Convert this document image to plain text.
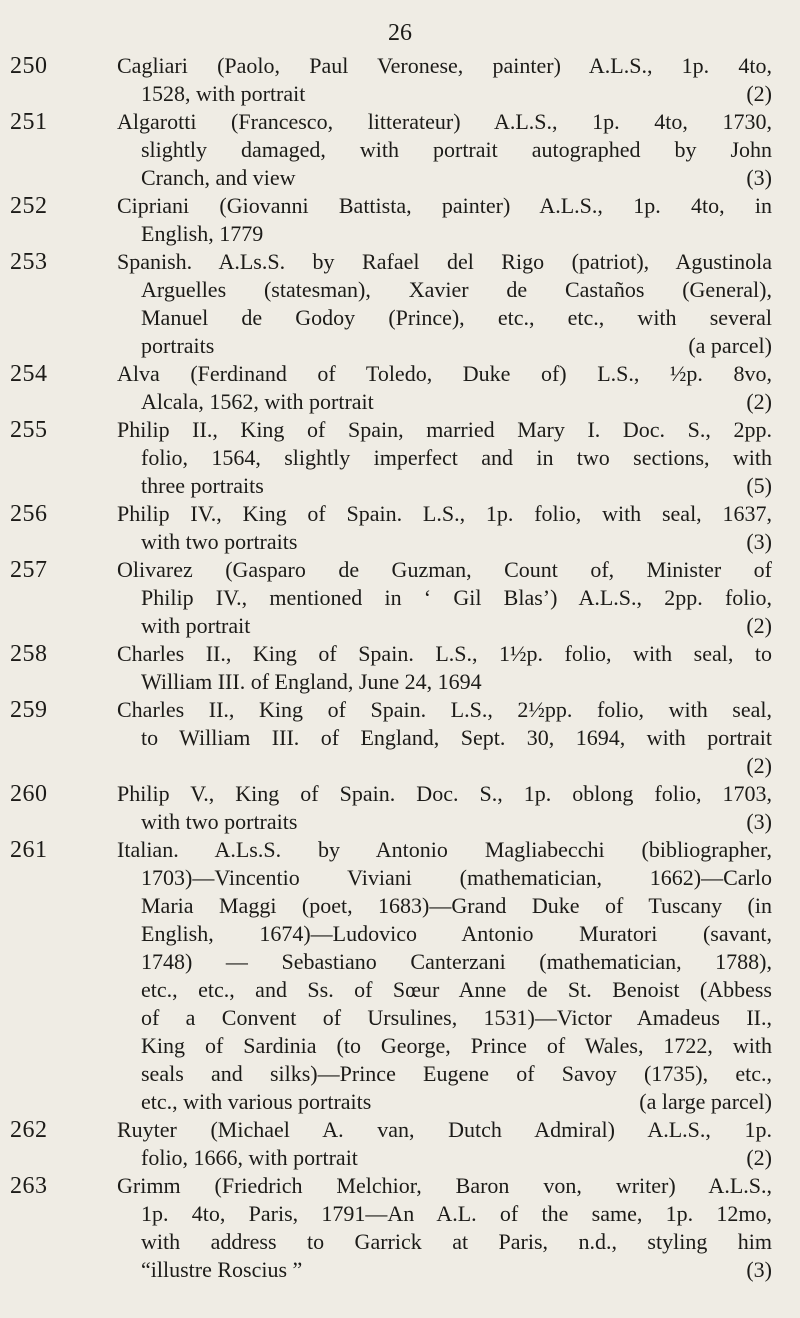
26
250	Cagliari (Paolo, Paul Veronese, painter) A.L.S., 1p. 4to,
1528, with portrait	(2)
251	Algarotti (Francesco, litterateur) A.L.S., 1p. 4to, 1730,
slightly damaged, with portrait autographed by John
Cranch, and view	(3)
252	Cipriani (Giovanni Battista, painter) A.L.S., 1p. 4to, in
English, 1779
253	Spanish. A.Ls.S. by Rafael del Rigo (patriot), Agustinola
Arguelles (statesman), Xavier de Castaños (General),
Manuel de Godoy (Prince), etc., etc., with several
portraits	(a parcel)
254	Alva (Ferdinand of Toledo, Duke of) L.S., ½p. 8vo,
Alcala, 1562, with portrait	(2)
255	Philip II., King of Spain, married Mary I. Doc. S., 2pp.
folio, 1564, slightly imperfect and in two sections, with
three portraits	(5)
256	Philip IV., King of Spain. L.S., 1p. folio, with seal, 1637,
with two portraits	(3)
257	Olivarez (Gasparo de Guzman, Count of, Minister of
Philip IV., mentioned in ‘ Gil Blas’) A.L.S., 2pp. folio,
with portrait	(2)
258	Charles II., King of Spain. L.S., 1½p. folio, with seal, to
William III. of England, June 24, 1694
259	Charles II., King of Spain. L.S., 2½pp. folio, with seal,
to William III. of England, Sept. 30, 1694, with portrait
(2)
260	Philip V., King of Spain. Doc. S., 1p. oblong folio, 1703,
with two portraits	(3)
261	Italian. A.Ls.S. by Antonio Magliabecchi (bibliographer,
1703)—Vincentio Viviani (mathematician, 1662)—Carlo
Maria Maggi (poet, 1683)—Grand Duke of Tuscany (in
English, 1674)—Ludovico Antonio Muratori (savant,
1748) — Sebastiano Canterzani (mathematician, 1788),
etc., etc., and Ss. of Sœur Anne de St. Benoist (Abbess
of a Convent of Ursulines, 1531)—Victor Amadeus II.,
King of Sardinia (to George, Prince of Wales, 1722, with
seals and silks)—Prince Eugene of Savoy (1735), etc.,
etc., with various portraits	(a large parcel)
262	Ruyter (Michael A. van, Dutch Admiral) A.L.S., 1p.
folio, 1666, with portrait	(2)
263	Grimm (Friedrich Melchior, Baron von, writer) A.L.S.,
1p. 4to, Paris, 1791—An A.L. of the same, 1p. 12mo,
with address to Garrick at Paris, n.d., styling him
“illustre Roscius ”	(3)
